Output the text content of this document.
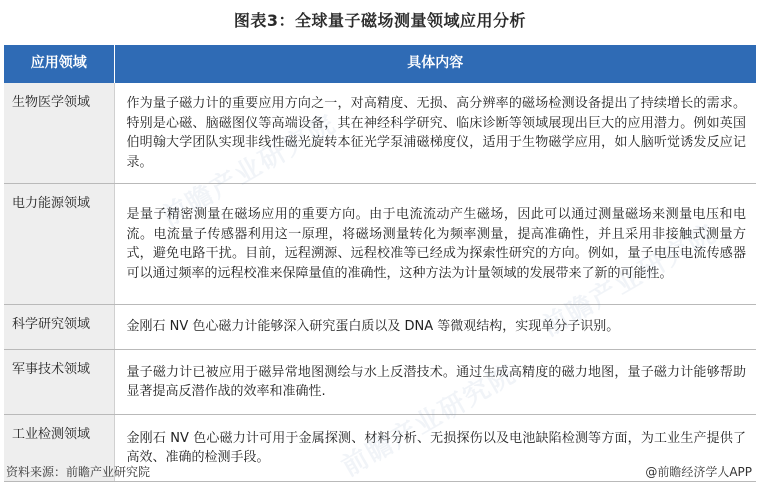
图表3：全球量子磁场测量领域应用分析
应用领域	具体内容
生物医学领域	作为量子磁力计的重要应用方向之一，对高精度、无损、高分辨率的磁场检测设备提出了持续增长的需求。特别是心磁、脑磁图仪等高端设备，其在神经科学研究、临床诊断等领域展现出巨大的应用潜力。例如英国伯明翰大学团队实现非线性磁光旋转本征光学泵浦磁梯度仪，适用于生物磁学应用，如人脑听觉诱发反应记录。
电力能源领域	是量子精密测量在磁场应用的重要方向。由于电流流动产生磁场，因此可以通过测量磁场来测量电压和电流。电流量子传感器利用这一原理，将磁场测量转化为频率测量，提高准确性，并且采用非接触式测量方式，避免电路干扰。目前，远程溯源、远程校准等已经成为探索性研究的方向。例如，量子电压电流传感器可以通过频率的远程校准来保障量值的准确性，这种方法为计量领域的发展带来了新的可能性。
科学研究领域	金刚石 NV 色心磁力计能够深入研究蛋白质以及 DNA 等微观结构，实现单分子识别。
军事技术领域	量子磁力计已被应用于磁异常地图测绘与水上反潜技术。通过生成高精度的磁力地图，量子磁力计能够帮助显著提高反潜作战的效率和准确性.
工业检测领域	金刚石 NV 色心磁力计可用于金属探测、材料分析、无损探伤以及电池缺陷检测等方面，为工业生产提供了高效、准确的检测手段。
资料来源：前瞻产业研究院	@前瞻经济学人APP
